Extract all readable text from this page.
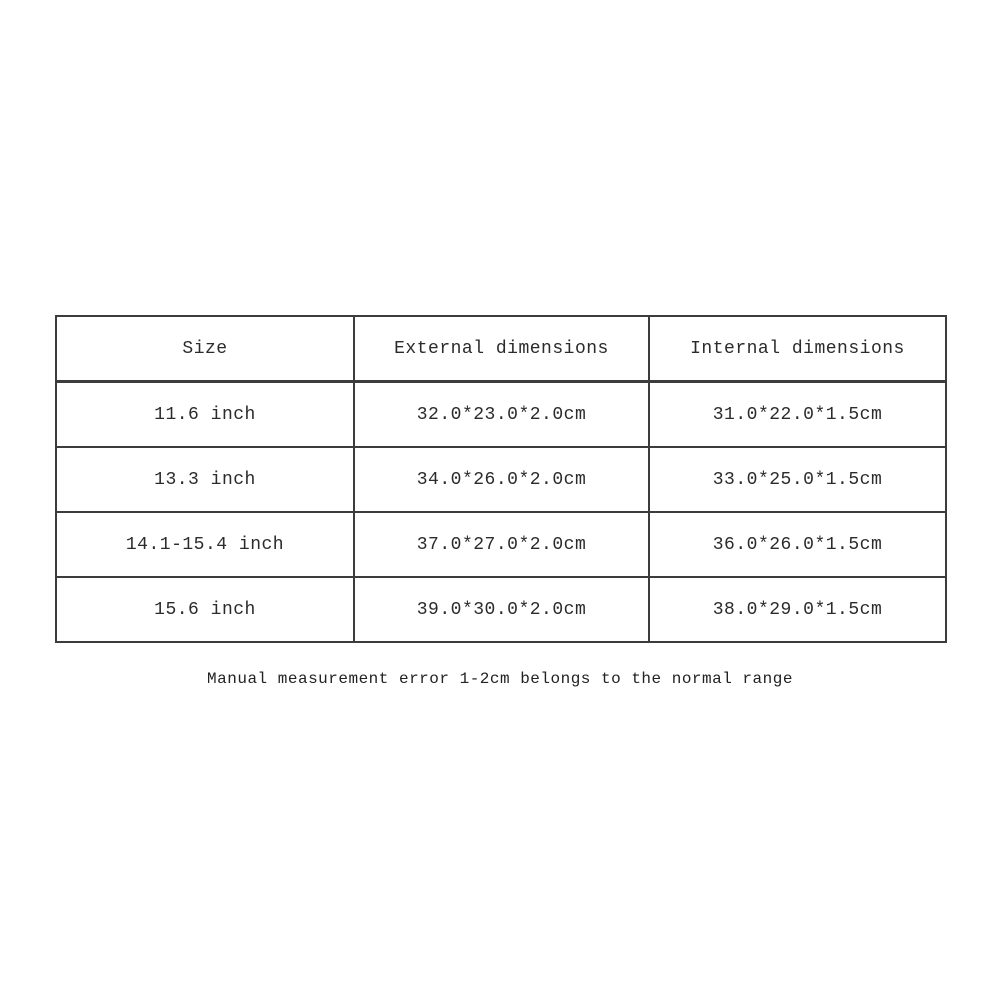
Size	External dimensions	Internal dimensions
11.6 inch	32.0*23.0*2.0cm	31.0*22.0*1.5cm
13.3 inch	34.0*26.0*2.0cm	33.0*25.0*1.5cm
14.1-15.4 inch	37.0*27.0*2.0cm	36.0*26.0*1.5cm
15.6 inch	39.0*30.0*2.0cm	38.0*29.0*1.5cm
Manual measurement error 1-2cm belongs to the normal range
